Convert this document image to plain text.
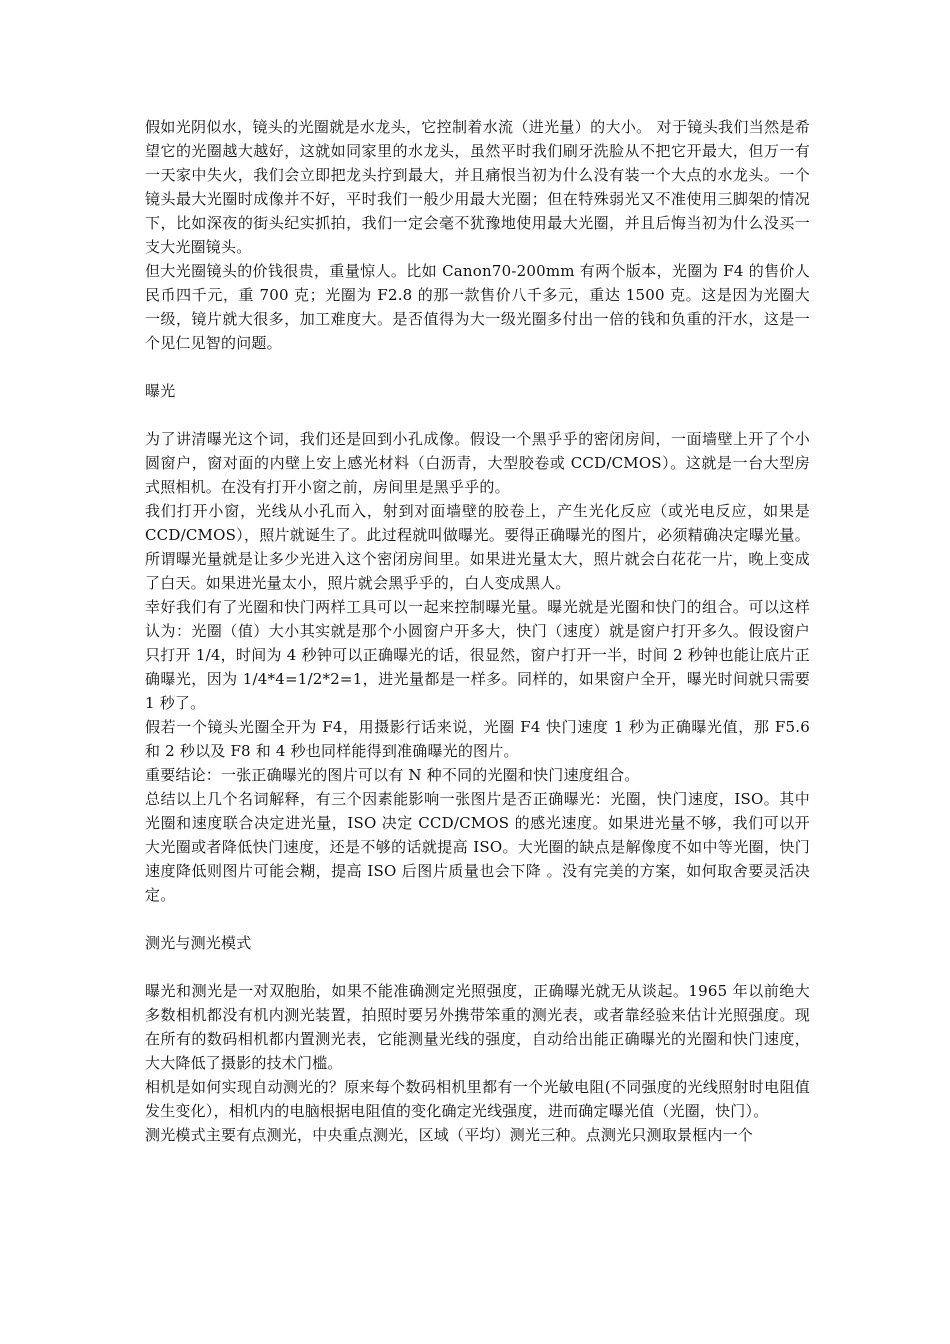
假如光阴似水，镜头的光圈就是水龙头，它控制着水流（进光量）的大小。 对于镜头我们当然是希望它的光圈越大越好，这就如同家里的水龙头，虽然平时我们刷牙洗脸从不把它开最大，但万一有一天家中失火，我们会立即把龙头拧到最大，并且痛恨当初为什么没有装一个大点的水龙头。一个镜头最大光圈时成像并不好，平时我们一般少用最大光圈；但在特殊弱光又不准使用三脚架的情况下，比如深夜的街头纪实抓拍，我们一定会毫不犹豫地使用最大光圈，并且后悔当初为什么没买一支大光圈镜头。

但大光圈镜头的价钱很贵，重量惊人。比如 Canon70-200mm 有两个版本，光圈为 F4 的售价人民币四千元，重 700 克；光圈为 F2.8 的那一款售价八千多元，重达 1500 克。这是因为光圈大一级，镜片就大很多，加工难度大。是否值得为大一级光圈多付出一倍的钱和负重的汗水，这是一个见仁见智的问题。

曝光

为了讲清曝光这个词，我们还是回到小孔成像。假设一个黑乎乎的密闭房间，一面墙壁上开了个小圆窗户，窗对面的内壁上安上感光材料（白沥青，大型胶卷或 CCD/CMOS）。这就是一台大型房式照相机。在没有打开小窗之前，房间里是黑乎乎的。

我们打开小窗，光线从小孔而入，射到对面墙壁的胶卷上，产生光化反应（或光电反应，如果是 CCD/CMOS），照片就诞生了。此过程就叫做曝光。要得正确曝光的图片，必须精确决定曝光量。所谓曝光量就是让多少光进入这个密闭房间里。如果进光量太大，照片就会白花花一片，晚上变成了白天。如果进光量太小，照片就会黑乎乎的，白人变成黑人。

幸好我们有了光圈和快门两样工具可以一起来控制曝光量。曝光就是光圈和快门的组合。可以这样认为：光圈（值）大小其实就是那个小圆窗户开多大，快门（速度）就是窗户打开多久。假设窗户只打开 1/4，时间为 4 秒钟可以正确曝光的话，很显然，窗户打开一半，时间 2 秒钟也能让底片正确曝光，因为 1/4*4=1/2*2=1，进光量都是一样多。同样的，如果窗户全开，曝光时间就只需要 1 秒了。

假若一个镜头光圈全开为 F4，用摄影行话来说，光圈 F4 快门速度 1 秒为正确曝光值，那 F5.6 和 2 秒以及 F8 和 4 秒也同样能得到准确曝光的图片。

重要结论：一张正确曝光的图片可以有 N 种不同的光圈和快门速度组合。

总结以上几个名词解释，有三个因素能影响一张图片是否正确曝光：光圈，快门速度，ISO。其中光圈和速度联合决定进光量，ISO 决定 CCD/CMOS 的感光速度。如果进光量不够，我们可以开大光圈或者降低快门速度，还是不够的话就提高 ISO。大光圈的缺点是解像度不如中等光圈，快门速度降低则图片可能会糊，提高 ISO 后图片质量也会下降 。没有完美的方案，如何取舍要灵活决定。

测光与测光模式

曝光和测光是一对双胞胎，如果不能准确测定光照强度，正确曝光就无从谈起。1965 年以前绝大多数相机都没有机内测光装置，拍照时要另外携带笨重的测光表，或者靠经验来估计光照强度。现在所有的数码相机都内置测光表，它能测量光线的强度，自动给出能正确曝光的光圈和快门速度，大大降低了摄影的技术门槛。

相机是如何实现自动测光的？原来每个数码相机里都有一个光敏电阻(不同强度的光线照射时电阻值发生变化），相机内的电脑根据电阻值的变化确定光线强度，进而确定曝光值（光圈，快门）。

测光模式主要有点测光，中央重点测光，区域（平均）测光三种。点测光只测取景框内一个
